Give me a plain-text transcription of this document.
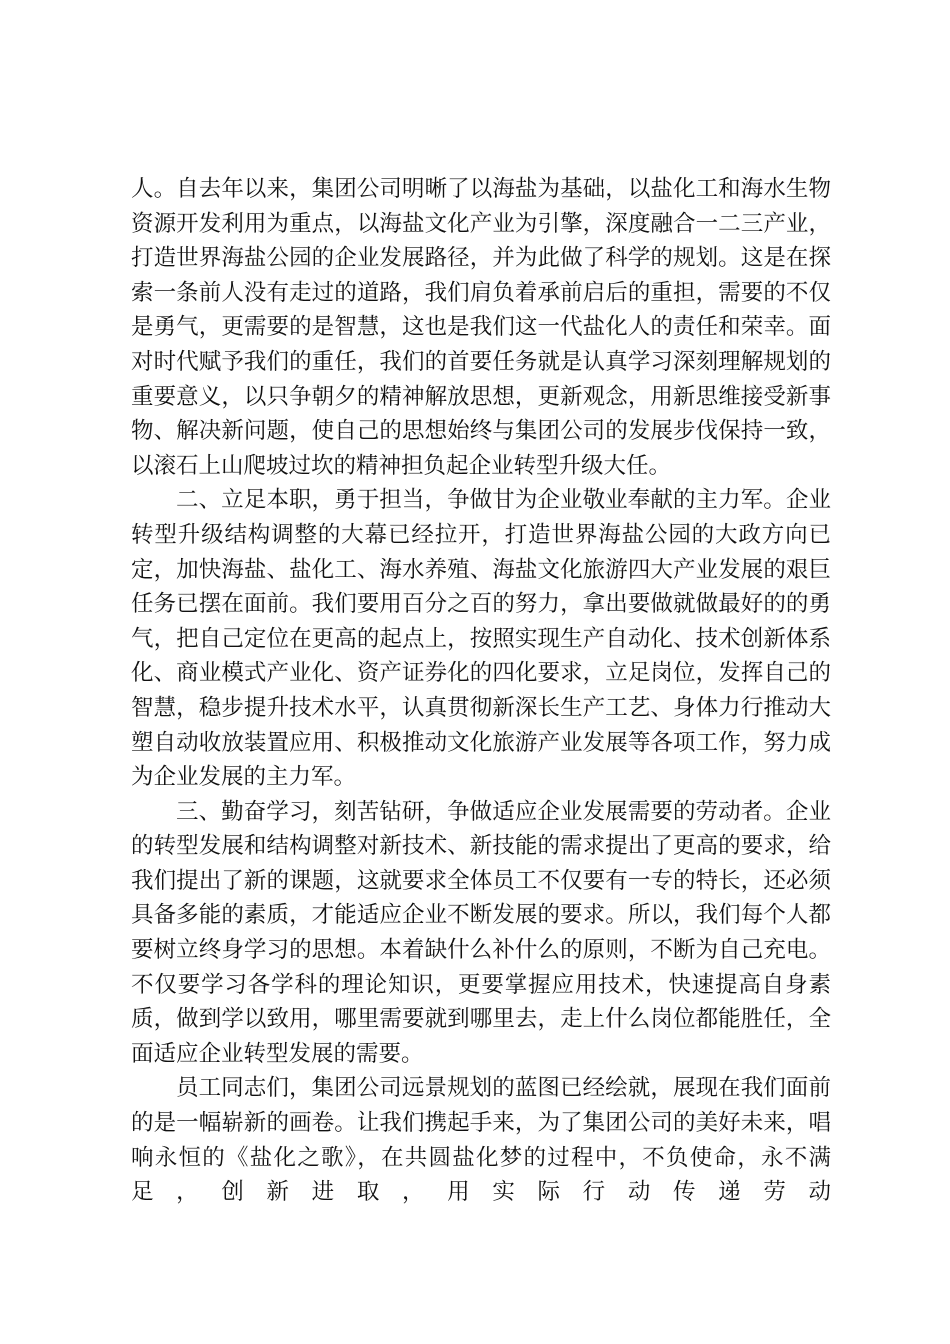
人。自去年以来，集团公司明晰了以海盐为基础，以盐化工和海水生物资源开发利用为重点，以海盐文化产业为引擎，深度融合一二三产业，打造世界海盐公园的企业发展路径，并为此做了科学的规划。这是在探索一条前人没有走过的道路，我们肩负着承前启后的重担，需要的不仅是勇气，更需要的是智慧，这也是我们这一代盐化人的责任和荣幸。面对时代赋予我们的重任，我们的首要任务就是认真学习深刻理解规划的重要意义，以只争朝夕的精神解放思想，更新观念，用新思维接受新事物、解决新问题，使自己的思想始终与集团公司的发展步伐保持一致，以滚石上山爬坡过坎的精神担负起企业转型升级大任。

二、立足本职，勇于担当，争做甘为企业敬业奉献的主力军。企业转型升级结构调整的大幕已经拉开，打造世界海盐公园的大政方向已定，加快海盐、盐化工、海水养殖、海盐文化旅游四大产业发展的艰巨任务已摆在面前。我们要用百分之百的努力，拿出要做就做最好的的勇气，把自己定位在更高的起点上，按照实现生产自动化、技术创新体系化、商业模式产业化、资产证券化的四化要求，立足岗位，发挥自己的智慧，稳步提升技术水平，认真贯彻新深长生产工艺、身体力行推动大塑自动收放装置应用、积极推动文化旅游产业发展等各项工作，努力成为企业发展的主力军。

三、勤奋学习，刻苦钻研，争做适应企业发展需要的劳动者。企业的转型发展和结构调整对新技术、新技能的需求提出了更高的要求，给我们提出了新的课题，这就要求全体员工不仅要有一专的特长，还必须具备多能的素质，才能适应企业不断发展的要求。所以，我们每个人都要树立终身学习的思想。本着缺什么补什么的原则，不断为自己充电。不仅要学习各学科的理论知识，更要掌握应用技术，快速提高自身素质，做到学以致用，哪里需要就到哪里去，走上什么岗位都能胜任，全面适应企业转型发展的需要。

员工同志们，集团公司远景规划的蓝图已经绘就，展现在我们面前的是一幅崭新的画卷。让我们携起手来，为了集团公司的美好未来，唱响永恒的《盐化之歌》，在共圆盐化梦的过程中，不负使命，永不满足，创新进取，用实际行动传递劳动
